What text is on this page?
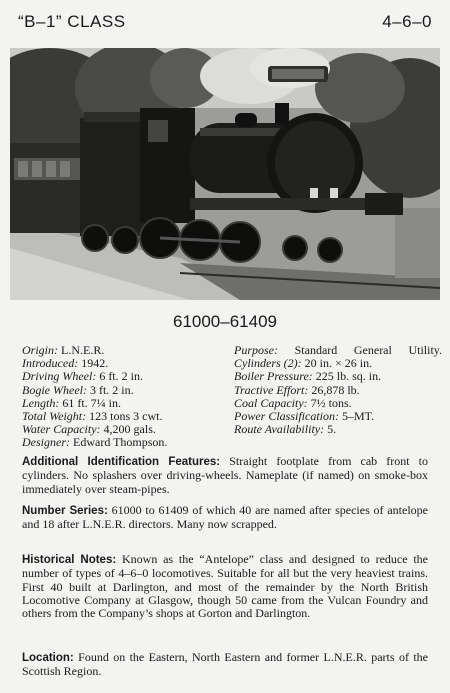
“B–1” CLASS	4–6–0
61000–61409
Origin: L.N.E.R.
Introduced: 1942.
Driving Wheel: 6 ft. 2 in.
Bogie Wheel: 3 ft. 2 in.
Length: 61 ft. 7¼ in.
Total Weight: 123 tons 3 cwt.
Water Capacity: 4,200 gals.
Designer: Edward Thompson.
Purpose: Standard General Utility.
Cylinders (2): 20 in. × 26 in.
Boiler Pressure: 225 lb. sq. in.
Tractive Effort: 26,878 lb.
Coal Capacity: 7½ tons.
Power Classification: 5–MT.
Route Availability: 5.
Additional Identification Features: Straight footplate from cab front to cylinders. No splashers over driving-wheels. Nameplate (if named) on smoke-box immediately over steam-pipes.
Number Series: 61000 to 61409 of which 40 are named after species of antelope and 18 after L.N.E.R. directors. Many now scrapped.
Historical Notes: Known as the “Antelope” class and designed to reduce the number of types of 4–6–0 locomotives. Suitable for all but the very heaviest trains. First 40 built at Darlington, and most of the remainder by the North British Locomotive Company at Glasgow, though 50 came from the Vulcan Foundry and others from the Company’s shops at Gorton and Darlington.
Location: Found on the Eastern, North Eastern and former L.N.E.R. parts of the Scottish Region.
